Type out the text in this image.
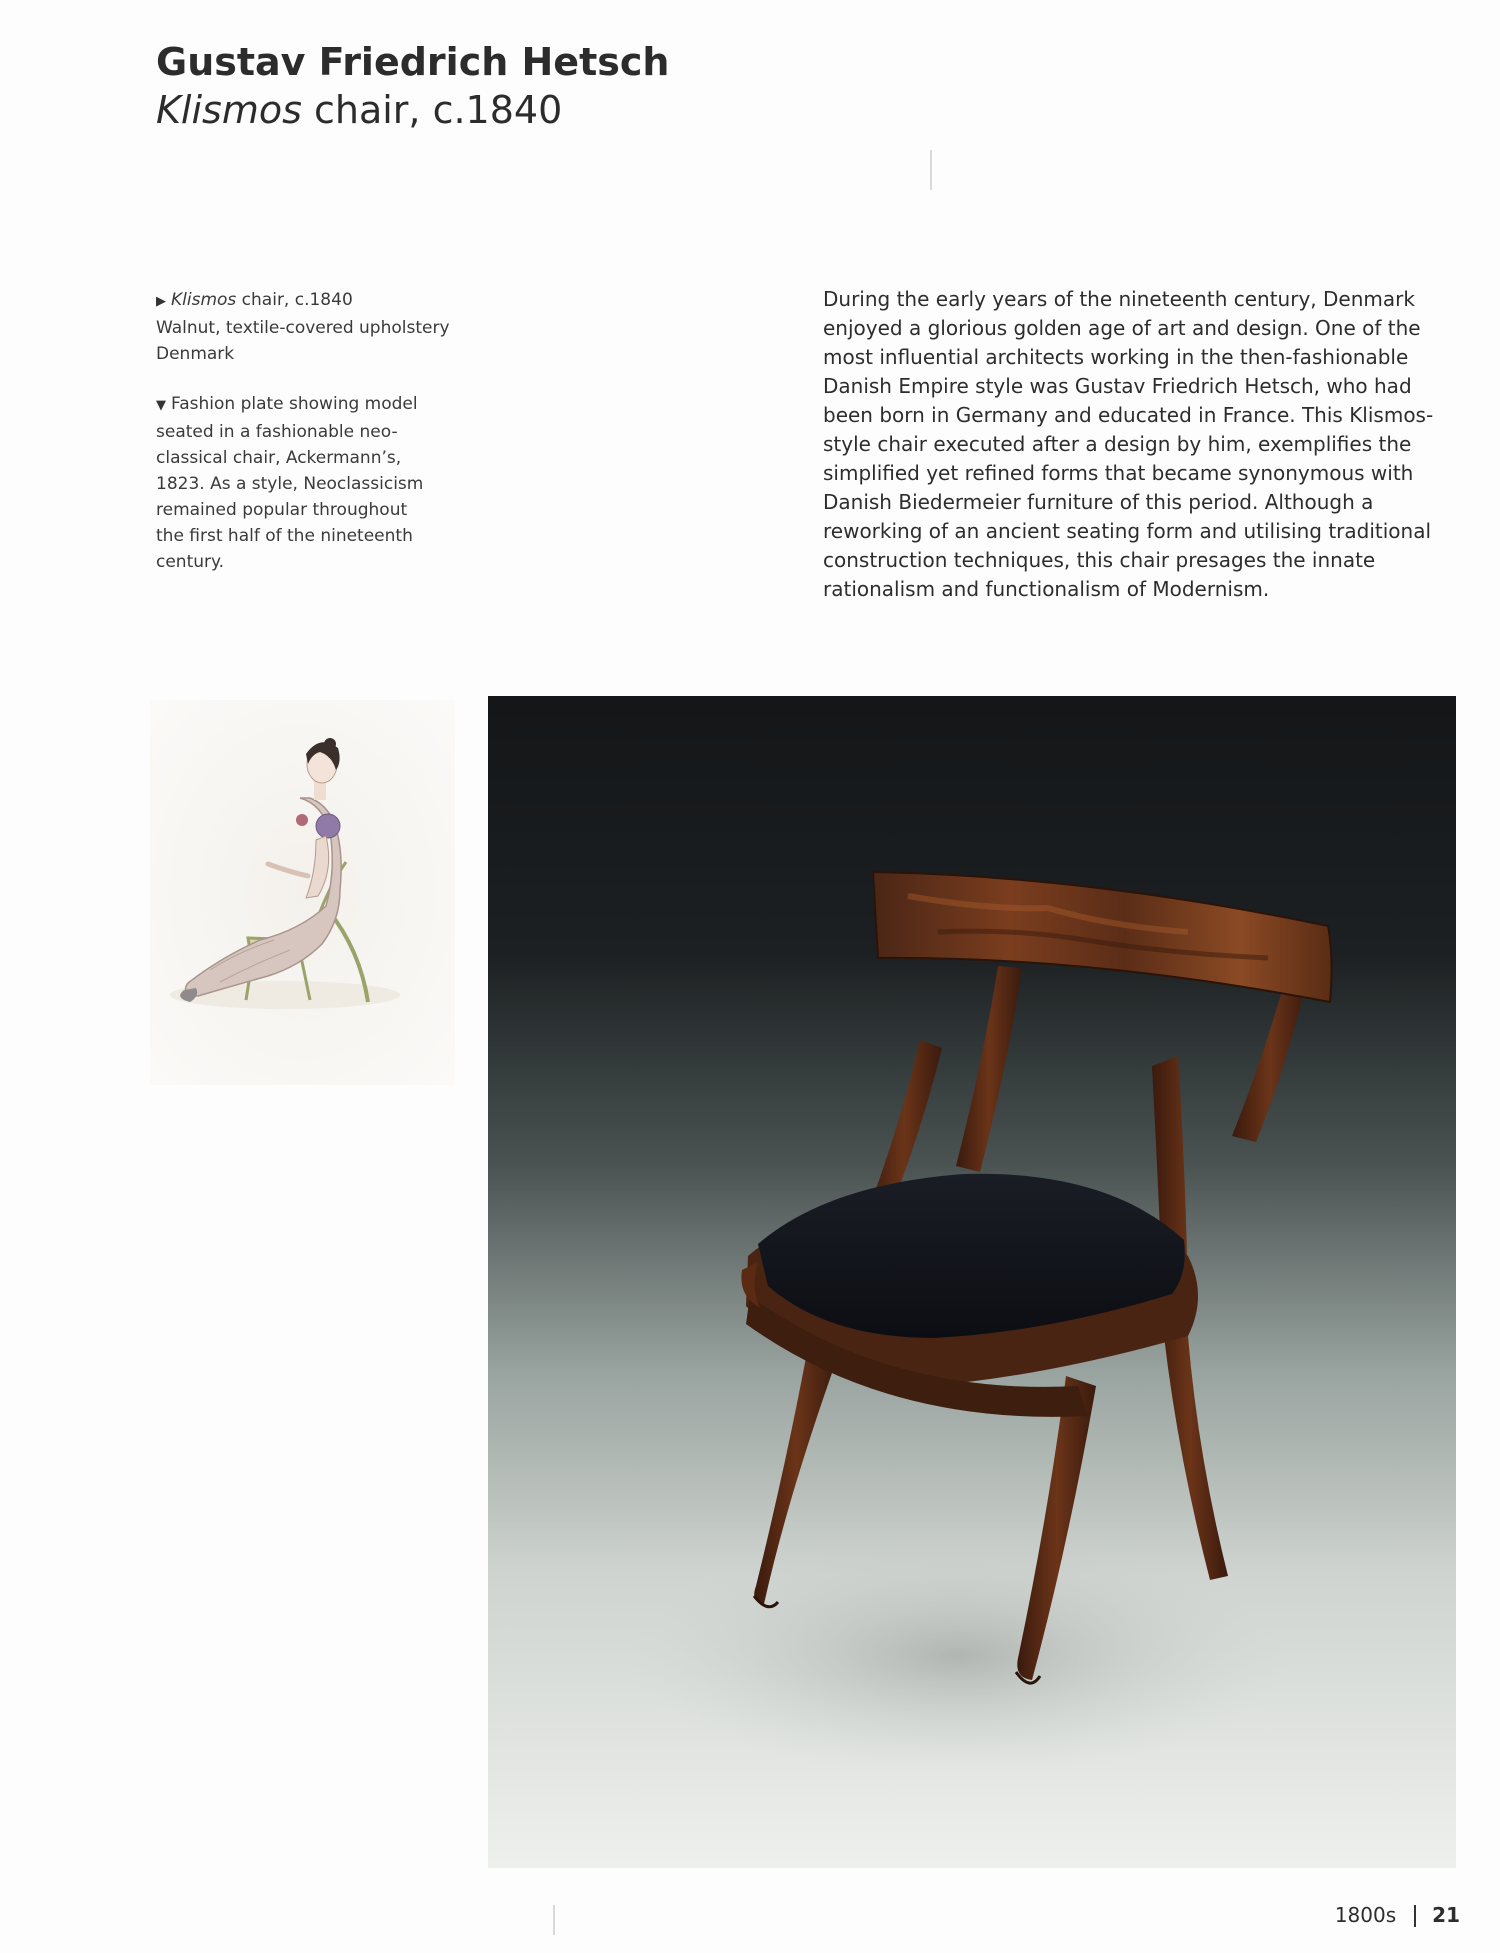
Gustav Friedrich Hetsch
Klismos chair, c.1840
▶ Klismos chair, c.1840
Walnut, textile-covered upholstery
Denmark
▼ Fashion plate showing model
seated in a fashionable neo-
classical chair, Ackermann’s,
1823. As a style, Neoclassicism
remained popular throughout
the first half of the nineteenth
century.
During the early years of the nineteenth century, Denmark
enjoyed a glorious golden age of art and design. One of the
most influential architects working in the then-fashionable
Danish Empire style was Gustav Friedrich Hetsch, who had
been born in Germany and educated in France. This Klismos-
style chair executed after a design by him, exemplifies the
simplified yet refined forms that became synonymous with
Danish Biedermeier furniture of this period. Although a
reworking of an ancient seating form and utilising traditional
construction techniques, this chair presages the innate
rationalism and functionalism of Modernism.
1800s 21
